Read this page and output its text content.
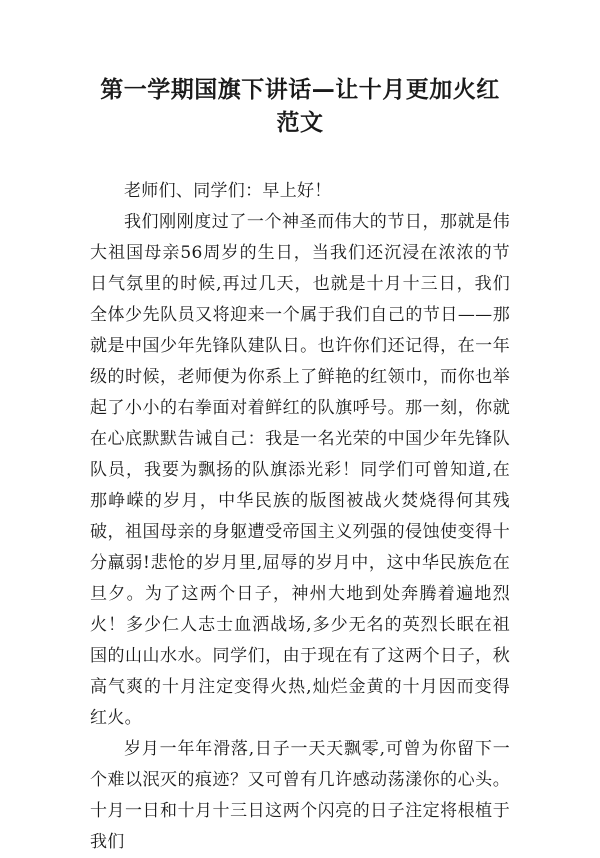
第一学期国旗下讲话—让十月更加火红范文

老师们、同学们：早上好！

我们刚刚度过了一个神圣而伟大的节日，那就是伟大祖国母亲56周岁的生日，当我们还沉浸在浓浓的节日气氛里的时候,再过几天，也就是十月十三日，我们全体少先队员又将迎来一个属于我们自己的节日——那就是中国少年先锋队建队日。也许你们还记得，在一年级的时候，老师便为你系上了鲜艳的红领巾，而你也举起了小小的右拳面对着鲜红的队旗呼号。那一刻，你就在心底默默告诫自己：我是一名光荣的中国少年先锋队队员，我要为飘扬的队旗添光彩！同学们可曾知道,在那峥嵘的岁月，中华民族的版图被战火焚烧得何其残破，祖国母亲的身躯遭受帝国主义列强的侵蚀使变得十分羸弱!悲怆的岁月里,屈辱的岁月中，这中华民族危在旦夕。为了这两个日子，神州大地到处奔腾着遍地烈火！多少仁人志士血洒战场,多少无名的英烈长眠在祖国的山山水水。同学们，由于现在有了这两个日子，秋高气爽的十月注定变得火热,灿烂金黄的十月因而变得红火。

岁月一年年滑落,日子一天天飘零,可曾为你留下一个难以泯灭的痕迹？又可曾有几许感动荡漾你的心头。十月一日和十月十三日这两个闪亮的日子注定将根植于我们
